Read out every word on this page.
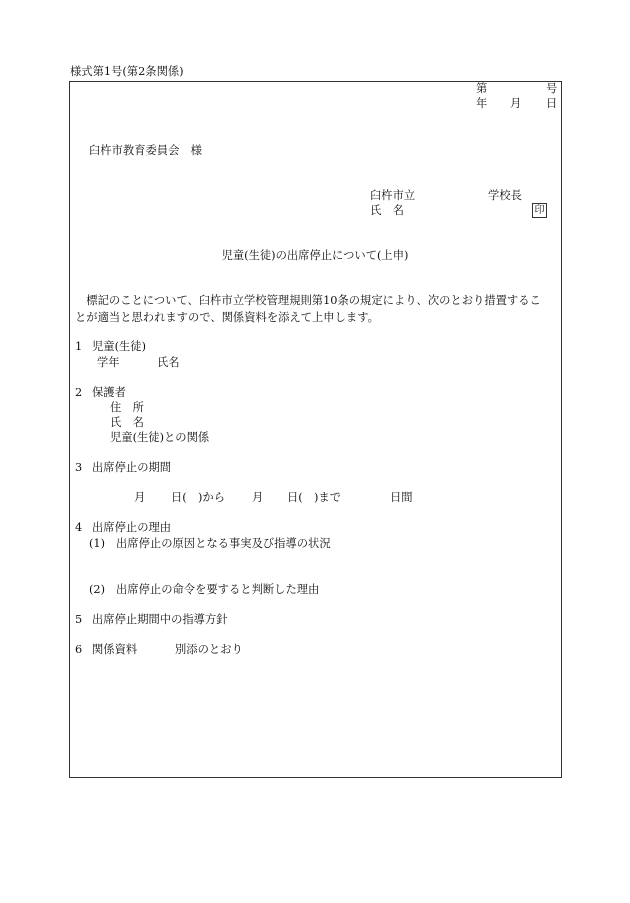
様式第1号(第2条関係)
第	号
年 月 日
臼杵市教育委員会　様
臼杵市立	学校長
氏　名	印
児童(生徒)の出席停止について(上申)
　標記のことについて、臼杵市立学校管理規則第10条の規定により、次のとおり措置するこ
とが適当と思われますので、関係資料を添えて上申します。
1 児童(生徒)
学年	氏名
2 保護者
住　所
氏　名
児童(生徒)との関係
3 出席停止の期間
月 日(　)から 月 日(　)まで	日間
4 出席停止の理由
(1) 出席停止の原因となる事実及び指導の状況
(2) 出席停止の命令を要すると判断した理由
5 出席停止期間中の指導方針
6 関係資料	別添のとおり
